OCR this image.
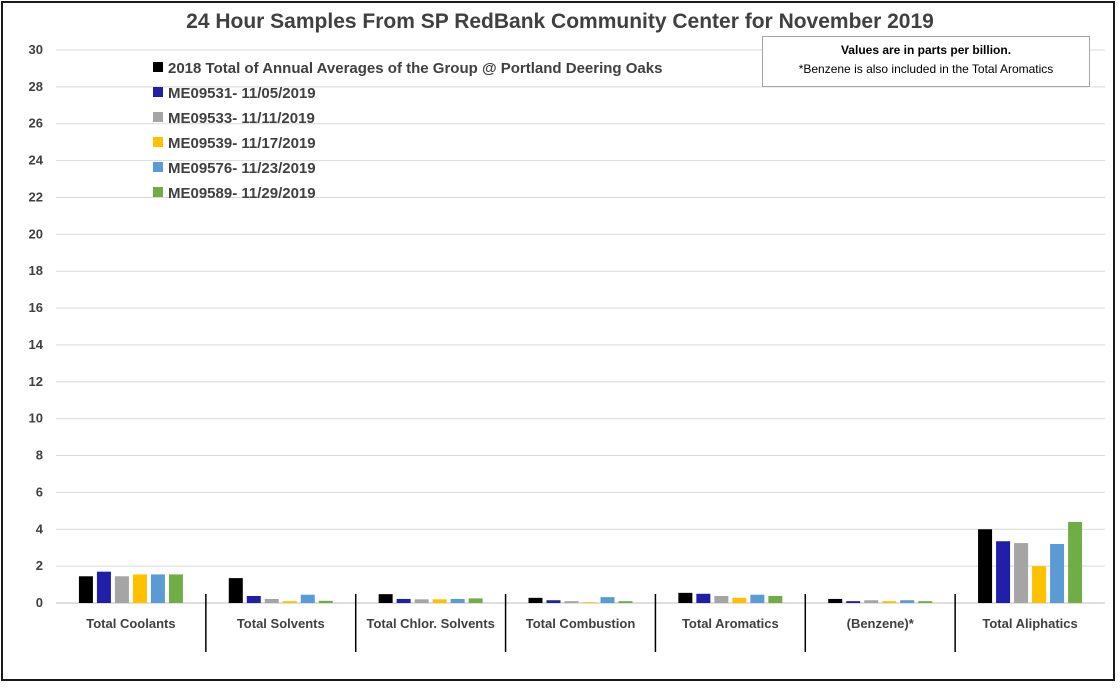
24 Hour Samples From SP RedBank Community Center for November 2019
0
2
4
6
8
10
12
14
16
18
20
22
24
26
28
30
Total Coolants	Total Solvents	Total Chlor. Solvents Total Combustion	Total Aromatics	(Benzene)*	Total Aliphatics
2018 Total of Annual Averages of the Group @ Portland Deering Oaks
ME09531- 11/05/2019
ME09533- 11/11/2019
ME09539- 11/17/2019
ME09576- 11/23/2019
ME09589- 11/29/2019
Values are in parts per billion.
*Benzene is also included in the Total Aromatics
